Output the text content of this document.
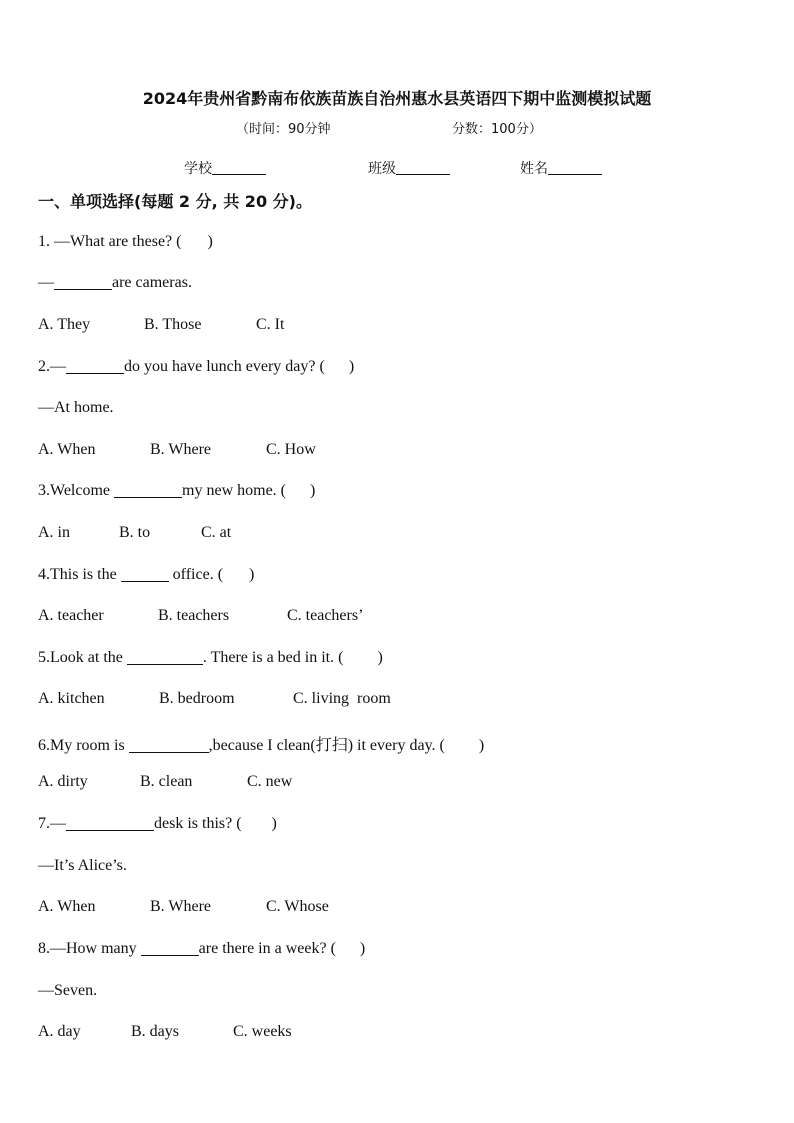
2024年贵州省黔南布依族苗族自治州惠水县英语四下期中监测模拟试题
（时间：90分钟	分数：100分）
学校	班级	姓名
一、单项选择(每题 2 分, 共 20 分)。
1. —What are these? ( )
—	are cameras.
A. They	B. Those	C. It
2.—	do you have lunch every day? ( )
—At home.
A. When	B. Where	C. How
3.Welcome	my new home. ( )
A. in	B. to	C. at
4.This is the	office. ( )
A. teacher	B. teachers	C. teachers’
5.Look at the	. There is a bed in it. ( )
A. kitchen	B. bedroom	C. living  room
6.My room is	,because I clean(打扫) it every day. ( )
A. dirty	B. clean	C. new
7.—	desk is this? ( )
—It’s Alice’s.
A. When	B. Where	C. Whose
8.—How many	are there in a week? ( )
—Seven.
A. day	B. days	C. weeks
